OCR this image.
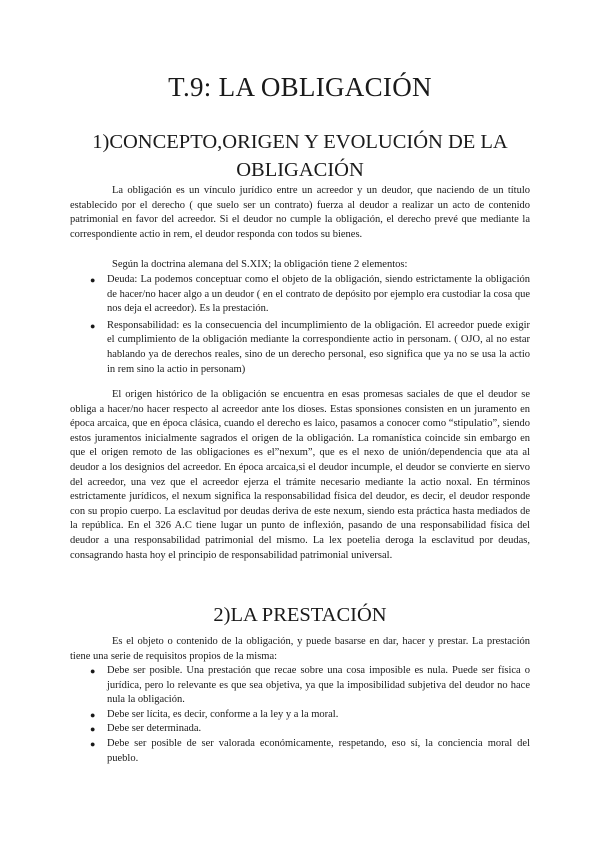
T.9: LA OBLIGACIÓN
1)CONCEPTO,ORIGEN Y EVOLUCIÓN DE LA OBLIGACIÓN

La obligación es un vínculo jurídico entre un acreedor y un deudor, que naciendo de un título establecido por el derecho ( que suelo ser un contrato) fuerza al deudor a realizar un acto de contenido patrimonial en favor del acreedor. Si el deudor no cumple la obligación, el derecho prevé que mediante la correspondiente actio in rem, el deudor responda con todos su bienes.

Según la doctrina alemana del S.XIX; la obligación tiene 2 elementos:

● Deuda: La podemos conceptuar como el objeto de la obligación, siendo estrictamente la obligación de hacer/no hacer algo a un deudor ( en el contrato de depósito por ejemplo era custodiar la cosa que nos deja el acreedor). Es la prestación.
● Responsabilidad: es la consecuencia del incumplimiento de la obligación. El acreedor puede exigir el cumplimiento de la obligación mediante la correspondiente actio in personam. ( OJO, al no estar hablando ya de derechos reales, sino de un derecho personal, eso significa que ya no se usa la actio in rem sino la actio in personam)

El origen histórico de la obligación se encuentra en esas promesas saciales de que el deudor se obliga a hacer/no hacer respecto al acreedor ante los dioses. Estas sponsiones consisten en un juramento en época arcaica, que en época clásica, cuando el derecho es laico, pasamos a conocer como “stipulatio”, siendo estos juramentos inicialmente sagrados el origen de la obligación. La romanística coincide sin embargo en que el origen remoto de las obligaciones es el”nexum”, que es el nexo de unión/dependencia que ata al deudor a los designios del acreedor. En época arcaica,si el deudor incumple, el deudor se convierte en siervo del acreedor, una vez que el acreedor ejerza el trámite necesario mediante la actio noxal. En términos estrictamente jurídicos, el nexum significa la responsabilidad física del deudor, es decir, el deudor responde con su propio cuerpo. La esclavitud por deudas deriva de este nexum, siendo esta práctica hasta mediados de la república. En el 326 A.C tiene lugar un punto de inflexión, pasando de una responsabilidad física del deudor a una responsabilidad patrimonial del mismo. La lex poetelia deroga la esclavitud por deudas, consagrando hasta hoy el principio de responsabilidad patrimonial universal.

2)LA PRESTACIÓN

Es el objeto o contenido de la obligación, y puede basarse en dar, hacer y prestar. La prestación tiene una serie de requisitos propios de la misma:

● Debe ser posible. Una prestación que recae sobre una cosa imposible es nula. Puede ser física o jurídica, pero lo relevante es que sea objetiva, ya que la imposibilidad subjetiva del deudor no hace nula la obligación.
● Debe ser lícita, es decir, conforme a la ley y a la moral.
● Debe ser determinada.
● Debe ser posible de ser valorada económicamente, respetando, eso sí, la conciencia moral del pueblo.
